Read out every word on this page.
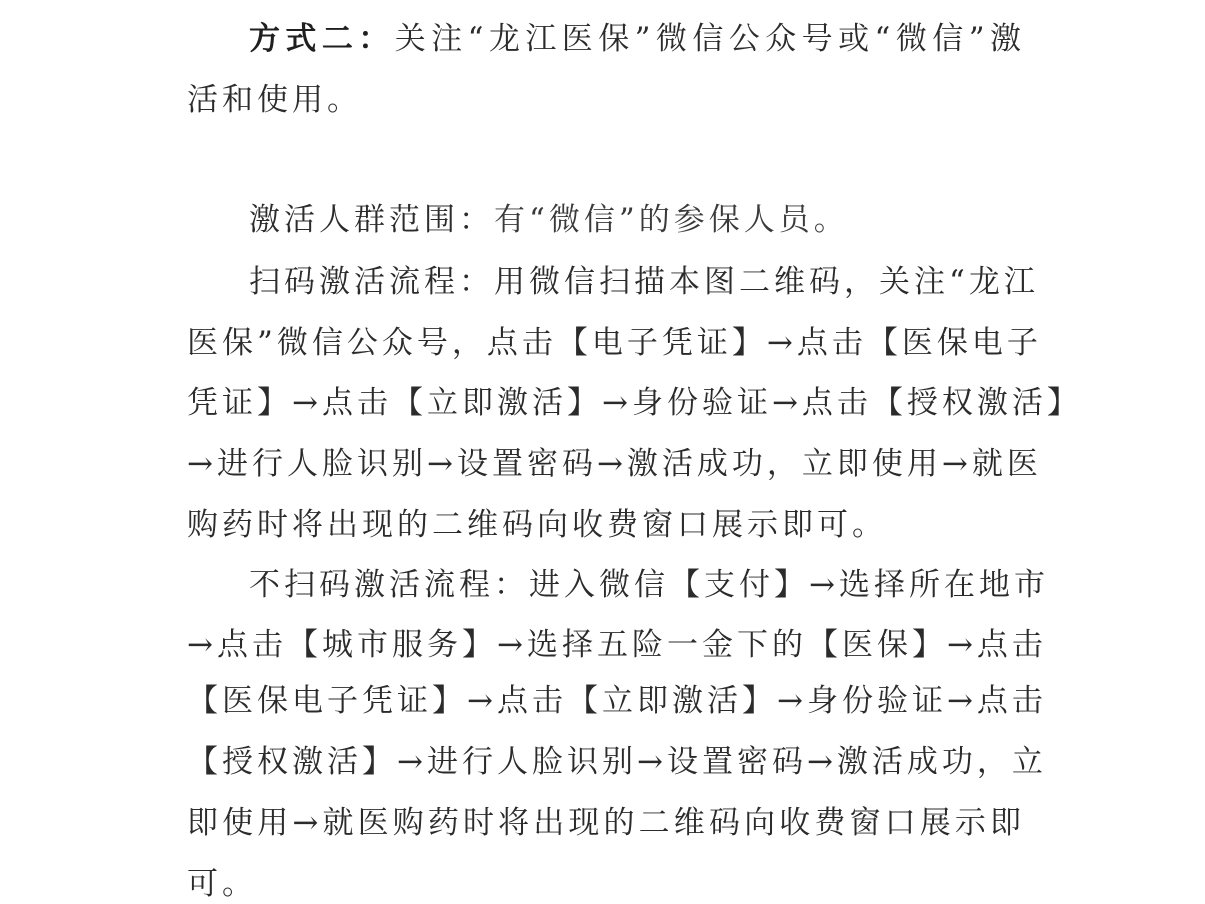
方式二：关注“龙江医保”微信公众号或“微信”激
活和使用。
激活人群范围：有“微信”的参保人员。
扫码激活流程：用微信扫描本图二维码，关注“龙江
医保”微信公众号，点击【电子凭证】→点击【医保电子
凭证】→点击【立即激活】→身份验证→点击【授权激活】
→进行人脸识别→设置密码→激活成功，立即使用→就医
购药时将出现的二维码向收费窗口展示即可。
不扫码激活流程：进入微信【支付】→选择所在地市
→点击【城市服务】→选择五险一金下的【医保】→点击
【医保电子凭证】→点击【立即激活】→身份验证→点击
【授权激活】→进行人脸识别→设置密码→激活成功，立
即使用→就医购药时将出现的二维码向收费窗口展示即
可。
